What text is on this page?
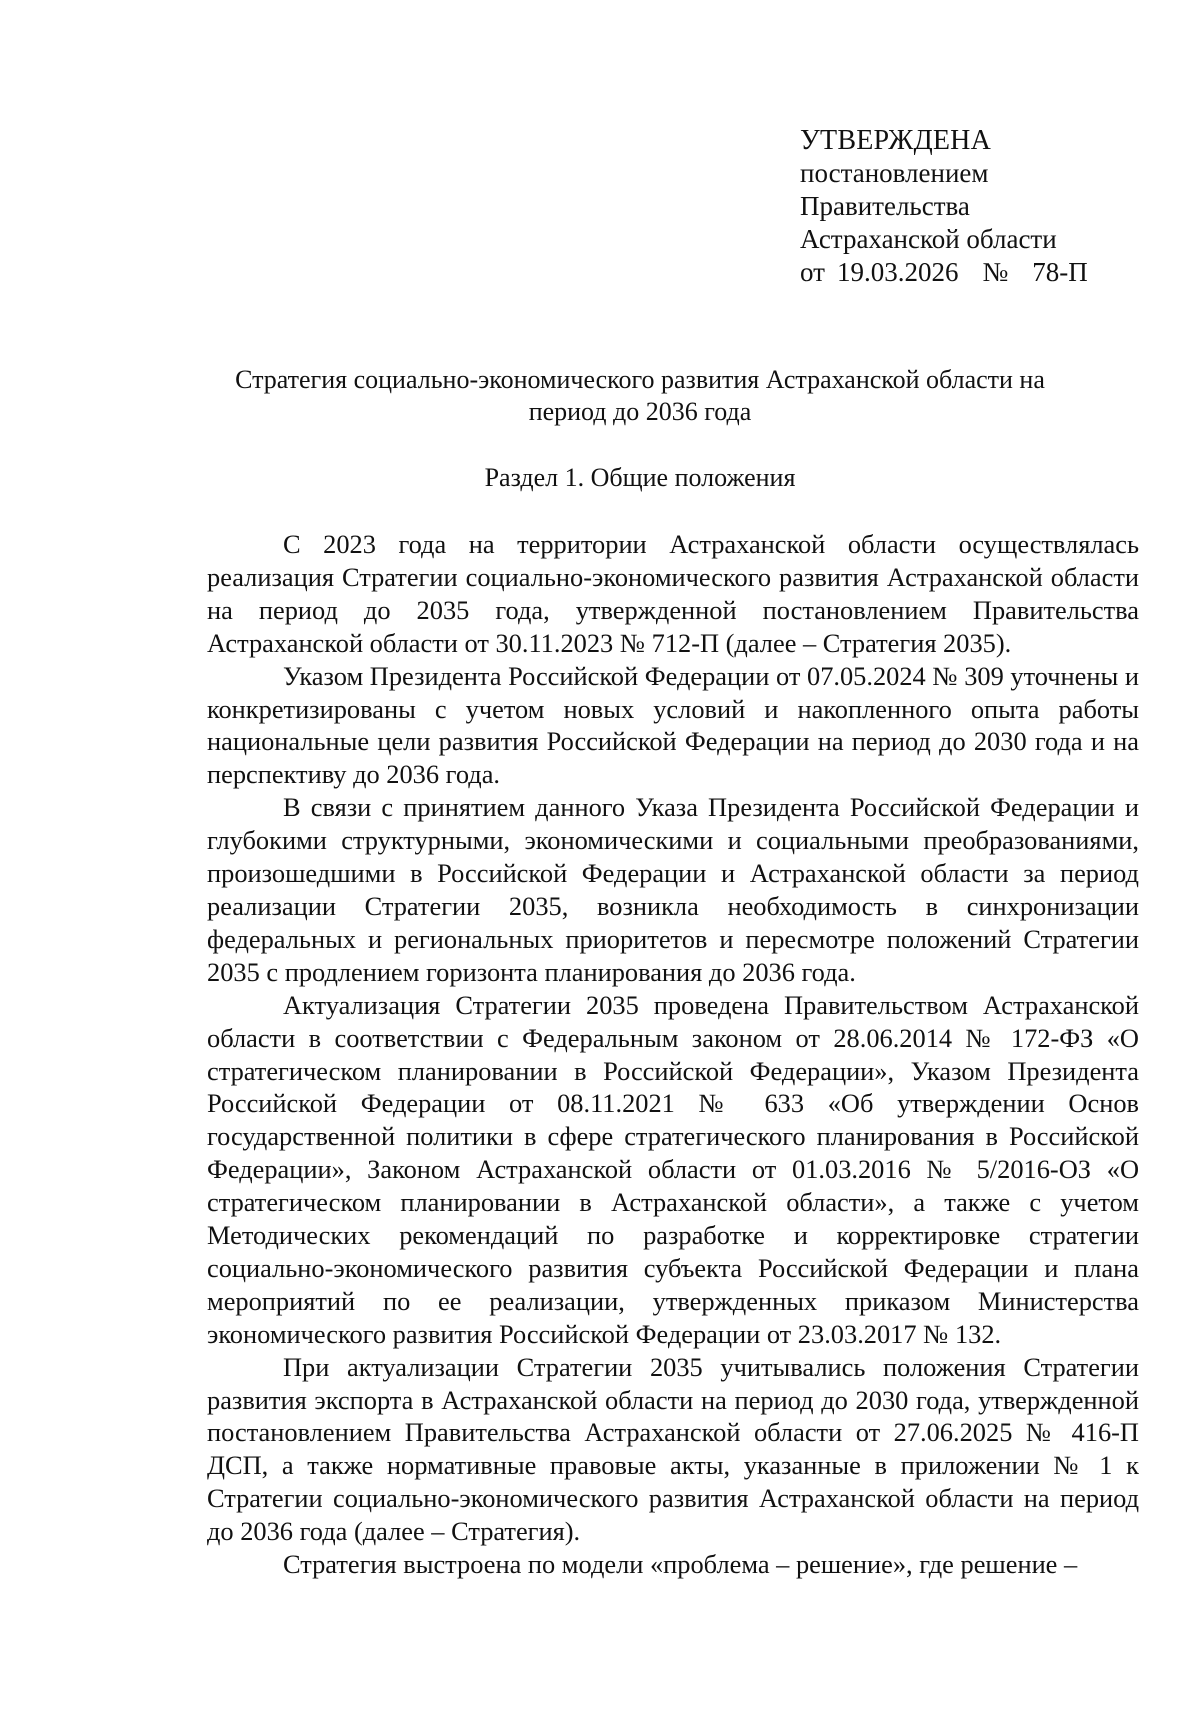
УТВЕРЖДЕНА
постановлением
Правительства
Астраханской области
от 19.03.2026 № 78-П
Стратегия социально-экономического развития Астраханской области на период до 2036 года
Раздел 1. Общие положения

С 2023 года на территории Астраханской области осуществлялась реализация Стратегии социально-экономического развития Астраханской области на период до 2035 года, утвержденной постановлением Правительства Астраханской области от 30.11.2023 № 712-П (далее – Стратегия 2035).

Указом Президента Российской Федерации от 07.05.2024 № 309 уточнены и конкретизированы с учетом новых условий и накопленного опыта работы национальные цели развития Российской Федерации на период до 2030 года и на перспективу до 2036 года.

В связи с принятием данного Указа Президента Российской Федерации и глубокими структурными, экономическими и социальными преобразованиями, произошедшими в Российской Федерации и Астраханской области за период реализации Стратегии 2035, возникла необходимость в синхронизации федеральных и региональных приоритетов и пересмотре положений Стратегии 2035 с продлением горизонта планирования до 2036 года.

Актуализация Стратегии 2035 проведена Правительством Астраханской области в соответствии с Федеральным законом от 28.06.2014 № 172-ФЗ «О стратегическом планировании в Российской Федерации», Указом Президента Российской Федерации от 08.11.2021 № 633 «Об утверждении Основ государственной политики в сфере стратегического планирования в Российской Федерации», Законом Астраханской области от 01.03.2016 № 5/2016-ОЗ «О стратегическом планировании в Астраханской области», а также с учетом Методических рекомендаций по разработке и корректировке стратегии социально-экономического развития субъекта Российской Федерации и плана мероприятий по ее реализации, утвержденных приказом Министерства экономического развития Российской Федерации от 23.03.2017 № 132.

При актуализации Стратегии 2035 учитывались положения Стратегии развития экспорта в Астраханской области на период до 2030 года, утвержденной постановлением Правительства Астраханской области от 27.06.2025 № 416-П ДСП, а также нормативные правовые акты, указанные в приложении № 1 к Стратегии социально-экономического развития Астраханской области на период до 2036 года (далее – Стратегия).

Стратегия выстроена по модели «проблема – решение», где решение –
